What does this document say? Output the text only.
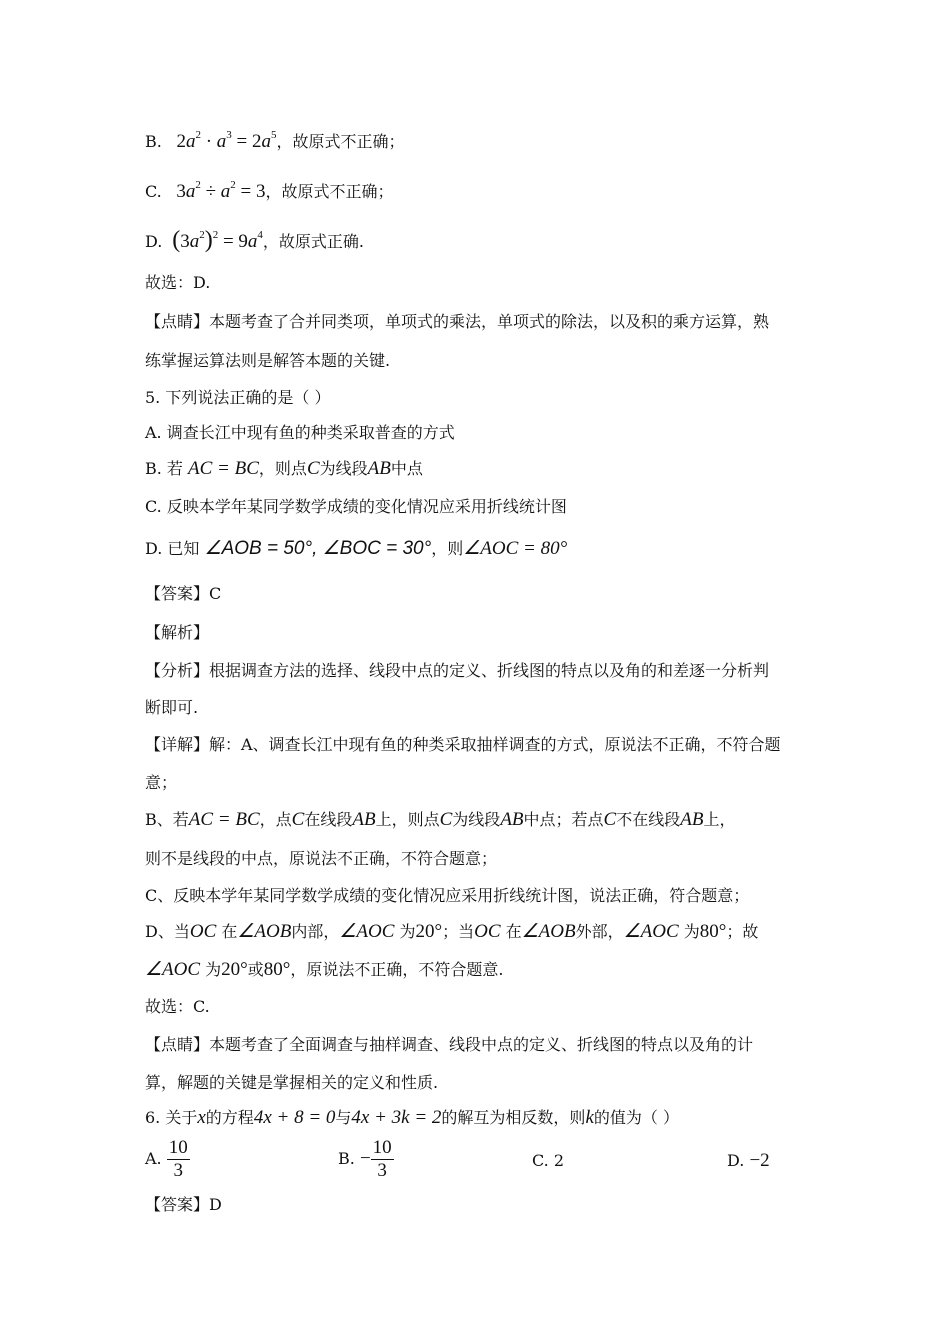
B.   $2a^2 \cdot a^3 = 2a^5$，故原式不正确；
C.   $3a^2 \div a^2 = 3$，故原式不正确；
D. $(3a^2)^2 = 9a^4$，故原式正确.
故选：D.
【点睛】本题考查了合并同类项，单项式的乘法，单项式的除法，以及积的乘方运算，熟
练掌握运算法则是解答本题的关键.
5. 下列说法正确的是（ ）
A. 调查长江中现有鱼的种类采取普查的方式
B. 若 AC = BC，则点C为线段AB中点
C. 反映本学年某同学数学成绩的变化情况应采用折线统计图
D. 已知 ∠AOB = 50°, ∠BOC = 30°，则∠AOC = 80°
【答案】C
【解析】
【分析】根据调查方法的选择、线段中点的定义、折线图的特点以及角的和差逐一分析判
断即可.
【详解】解：A、调查长江中现有鱼的种类采取抽样调查的方式，原说法不正确，不符合题
意；
B、若AC = BC，点C在线段AB上，则点C为线段AB中点；若点C不在线段AB上，
则不是线段的中点，原说法不正确，不符合题意；
C、反映本学年某同学数学成绩的变化情况应采用折线统计图，说法正确，符合题意；
D、当OC 在∠AOB内部，∠AOC 为20°；当OC 在∠AOB外部，∠AOC 为80°；故
∠AOC 为20°或80°，原说法不正确，不符合题意.
故选：C.
【点睛】本题考查了全面调查与抽样调查、线段中点的定义、折线图的特点以及角的计
算，解题的关键是掌握相关的定义和性质.
6. 关于x的方程4x + 8 = 0与4x + 3k = 2的解互为相反数，则k的值为（ ）
A. $\frac{10}{3}$	B. − $\frac{10}{3}$	C. 2	D. −2
【答案】D
